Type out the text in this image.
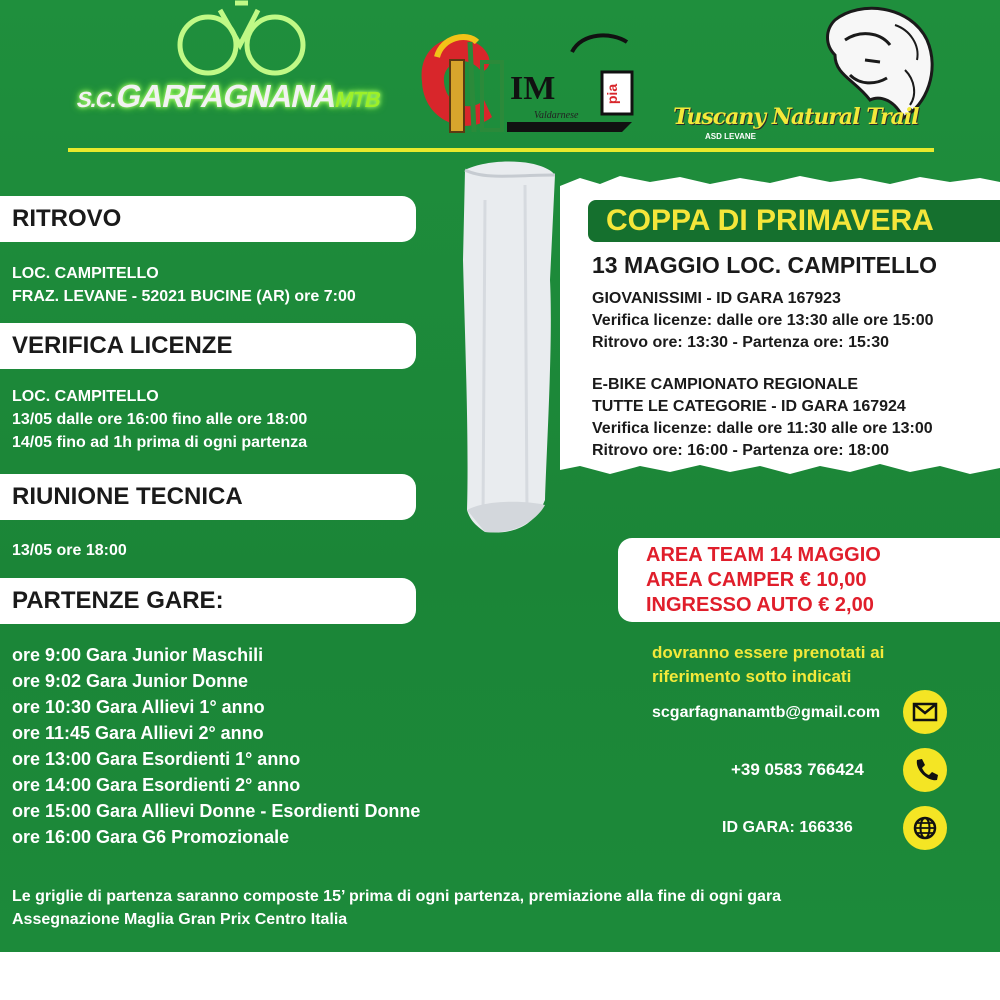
S.C.GARFAGNANAMTB	IM	pia
Valdarnese	Tuscany Natural Trail
ASD LEVANE
RITROVO
LOC. CAMPITELLO
FRAZ. LEVANE - 52021 BUCINE (AR) ore 7:00
VERIFICA LICENZE
LOC. CAMPITELLO
13/05 dalle ore 16:00 fino alle ore 18:00
14/05 fino ad 1h prima di ogni partenza
RIUNIONE TECNICA
13/05 ore 18:00
PARTENZE GARE:
ore 9:00 Gara Junior Maschili
ore 9:02 Gara Junior Donne
ore 10:30 Gara Allievi 1° anno
ore 11:45 Gara Allievi 2° anno
ore 13:00 Gara Esordienti 1° anno
ore 14:00 Gara Esordienti 2° anno
ore 15:00 Gara Allievi Donne - Esordienti Donne
ore 16:00 Gara G6 Promozionale
COPPA DI PRIMAVERA
13 MAGGIO LOC. CAMPITELLO
GIOVANISSIMI - ID GARA 167923
Verifica licenze: dalle ore 13:30 alle ore 15:00
Ritrovo ore: 13:30 - Partenza ore: 15:30
E-BIKE CAMPIONATO REGIONALE
TUTTE LE CATEGORIE - ID GARA 167924
Verifica licenze: dalle ore 11:30 alle ore 13:00
Ritrovo ore: 16:00 - Partenza ore: 18:00
AREA TEAM 14 MAGGIO
AREA CAMPER € 10,00
INGRESSO AUTO € 2,00
dovranno essere prenotati ai
riferimento sotto indicati
scgarfagnanamtb@gmail.com
+39 0583 766424
ID GARA: 166336
Le griglie di partenza saranno composte 15’ prima di ogni partenza, premiazione alla fine di ogni gara
Assegnazione Maglia Gran Prix Centro Italia
